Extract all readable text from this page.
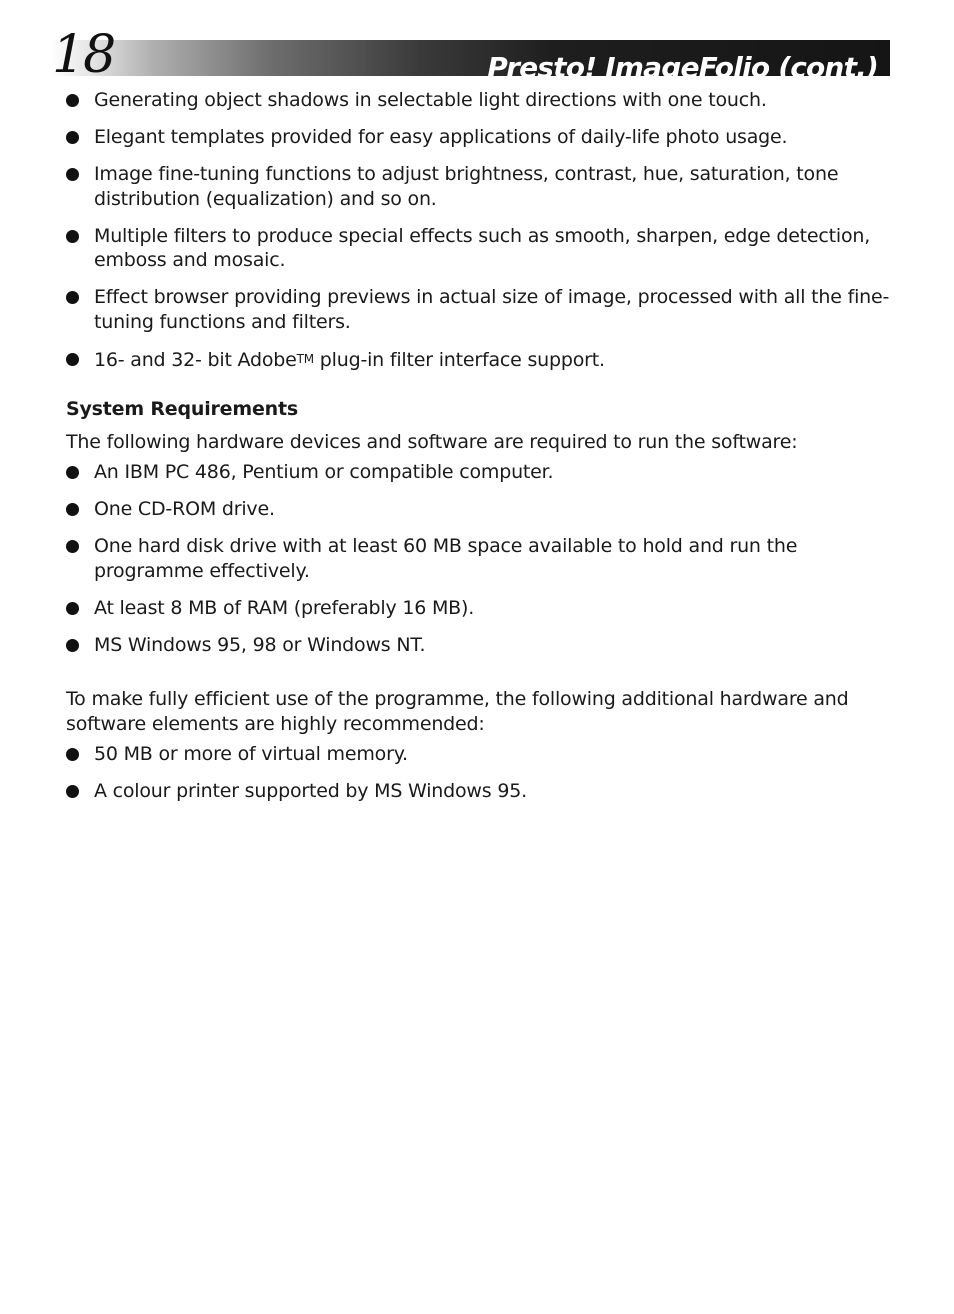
Presto! ImageFolio (cont.)
18
Generating object shadows in selectable light directions with one touch.
Elegant templates provided for easy applications of daily-life photo usage.
Image fine-tuning functions to adjust brightness, contrast, hue, saturation, tone distribution (equalization) and so on.
Multiple filters to produce special effects such as smooth, sharpen, edge detection, emboss and mosaic.
Effect browser providing previews in actual size of image, processed with all the fine-tuning functions and filters.
16- and 32- bit AdobeTM plug-in filter interface support.
System Requirements

The following hardware devices and software are required to run the software:

An IBM PC 486, Pentium or compatible computer.
One CD-ROM drive.
One hard disk drive with at least 60 MB space available to hold and run the programme effectively.
At least 8 MB of RAM (preferably 16 MB).
MS Windows 95, 98 or Windows NT.

To make fully efficient use of the programme, the following additional hardware and software elements are highly recommended:

50 MB or more of virtual memory.
A colour printer supported by MS Windows 95.
